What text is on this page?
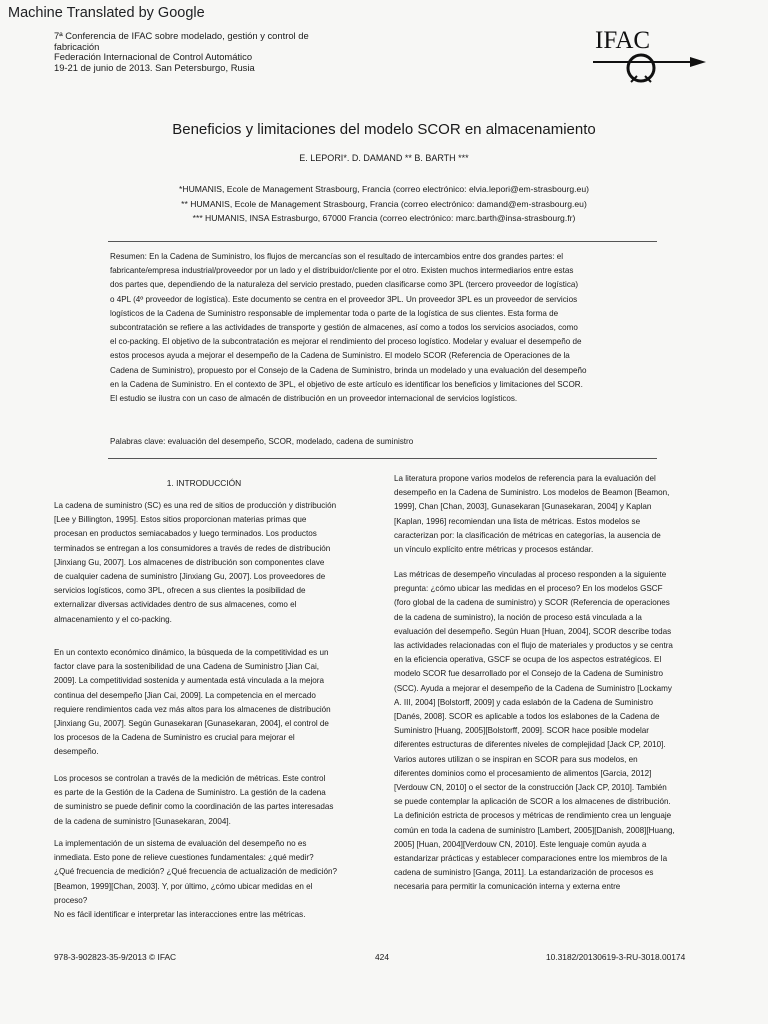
Machine Translated by Google
7ª Conferencia de IFAC sobre modelado, gestión y control de
fabricación
Federación Internacional de Control Automático
19-21 de junio de 2013. San Petersburgo, Rusia
IFAC
Beneficios y limitaciones del modelo SCOR en almacenamiento
E. LEPORI*. D. DAMAND ** B. BARTH ***
*HUMANIS, Ecole de Management Strasbourg, Francia (correo electrónico: elvia.lepori@em-strasbourg.eu)
** HUMANIS, Ecole de Management Strasbourg, Francia (correo electrónico: damand@em-strasbourg.eu)
*** HUMANIS, INSA Estrasburgo, 67000 Francia (correo electrónico: marc.barth@insa-strasbourg.fr)
Resumen: En la Cadena de Suministro, los flujos de mercancías son el resultado de intercambios entre dos grandes partes: el
fabricante/empresa industrial/proveedor por un lado y el distribuidor/cliente por el otro. Existen muchos intermediarios entre estas
dos partes que, dependiendo de la naturaleza del servicio prestado, pueden clasificarse como 3PL (tercero proveedor de logística)
o 4PL (4º proveedor de logística). Este documento se centra en el proveedor 3PL. Un proveedor 3PL es un proveedor de servicios
logísticos de la Cadena de Suministro responsable de implementar toda o parte de la logística de sus clientes. Esta forma de
subcontratación se refiere a las actividades de transporte y gestión de almacenes, así como a todos los servicios asociados, como
el co-packing. El objetivo de la subcontratación es mejorar el rendimiento del proceso logístico. Modelar y evaluar el desempeño de
estos procesos ayuda a mejorar el desempeño de la Cadena de Suministro. El modelo SCOR (Referencia de Operaciones de la
Cadena de Suministro), propuesto por el Consejo de la Cadena de Suministro, brinda un modelado y una evaluación del desempeño
en la Cadena de Suministro. En el contexto de 3PL, el objetivo de este artículo es identificar los beneficios y limitaciones del SCOR.
El estudio se ilustra con un caso de almacén de distribución en un proveedor internacional de servicios logísticos.
Palabras clave: evaluación del desempeño, SCOR, modelado, cadena de suministro
1. INTRODUCCIÓN
La cadena de suministro (SC) es una red de sitios de producción y distribución
[Lee y Billington, 1995]. Estos sitios proporcionan materias primas que
procesan en productos semiacabados y luego terminados. Los productos
terminados se entregan a los consumidores a través de redes de distribución
[Jinxiang Gu, 2007]. Los almacenes de distribución son componentes clave
de cualquier cadena de suministro [Jinxiang Gu, 2007]. Los proveedores de
servicios logísticos, como 3PL, ofrecen a sus clientes la posibilidad de
externalizar diversas actividades dentro de sus almacenes, como el
almacenamiento y el co-packing.
En un contexto económico dinámico, la búsqueda de la competitividad es un
factor clave para la sostenibilidad de una Cadena de Suministro [Jian Cai,
2009]. La competitividad sostenida y aumentada está vinculada a la mejora
continua del desempeño [Jian Cai, 2009]. La competencia en el mercado
requiere rendimientos cada vez más altos para los almacenes de distribución
[Jinxiang Gu, 2007]. Según Gunasekaran [Gunasekaran, 2004], el control de
los procesos de la Cadena de Suministro es crucial para mejorar el
desempeño.
Los procesos se controlan a través de la medición de métricas. Este control
es parte de la Gestión de la Cadena de Suministro. La gestión de la cadena
de suministro se puede definir como la coordinación de las partes interesadas
de la cadena de suministro [Gunasekaran, 2004].
La implementación de un sistema de evaluación del desempeño no es
inmediata. Esto pone de relieve cuestiones fundamentales: ¿qué medir?
¿Qué frecuencia de medición? ¿Qué frecuencia de actualización de medición?
[Beamon, 1999][Chan, 2003]. Y, por último, ¿cómo ubicar medidas en el
proceso?
No es fácil identificar e interpretar las interacciones entre las métricas.
La literatura propone varios modelos de referencia para la evaluación del
desempeño en la Cadena de Suministro. Los modelos de Beamon [Beamon,
1999], Chan [Chan, 2003], Gunasekaran [Gunasekaran, 2004] y Kaplan
[Kaplan, 1996] recomiendan una lista de métricas. Estos modelos se
caracterizan por: la clasificación de métricas en categorías, la ausencia de
un vínculo explícito entre métricas y procesos estándar.
Las métricas de desempeño vinculadas al proceso responden a la siguiente
pregunta: ¿cómo ubicar las medidas en el proceso? En los modelos GSCF
(foro global de la cadena de suministro) y SCOR (Referencia de operaciones
de la cadena de suministro), la noción de proceso está vinculada a la
evaluación del desempeño. Según Huan [Huan, 2004], SCOR describe todas
las actividades relacionadas con el flujo de materiales y productos y se centra
en la eficiencia operativa, GSCF se ocupa de los aspectos estratégicos. El
modelo SCOR fue desarrollado por el Consejo de la Cadena de Suministro
(SCC). Ayuda a mejorar el desempeño de la Cadena de Suministro [Lockamy
A. III, 2004] [Bolstorff, 2009] y cada eslabón de la Cadena de Suministro
[Danés, 2008]. SCOR es aplicable a todos los eslabones de la Cadena de
Suministro [Huang, 2005][Bolstorff, 2009]. SCOR hace posible modelar
diferentes estructuras de diferentes niveles de complejidad [Jack CP, 2010].
Varios autores utilizan o se inspiran en SCOR para sus modelos, en
diferentes dominios como el procesamiento de alimentos [Garcia, 2012]
[Verdouw CN, 2010] o el sector de la construcción [Jack CP, 2010]. También
se puede contemplar la aplicación de SCOR a los almacenes de distribución.
La definición estricta de procesos y métricas de rendimiento crea un lenguaje
común en toda la cadena de suministro [Lambert, 2005][Danish, 2008][Huang,
2005] [Huan, 2004][Verdouw CN, 2010]. Este lenguaje común ayuda a
estandarizar prácticas y establecer comparaciones entre los miembros de la
cadena de suministro [Ganga, 2011]. La estandarización de procesos es
necesaria para permitir la comunicación interna y externa entre
978-3-902823-35-9/2013 © IFAC	424	10.3182/20130619-3-RU-3018.00174
